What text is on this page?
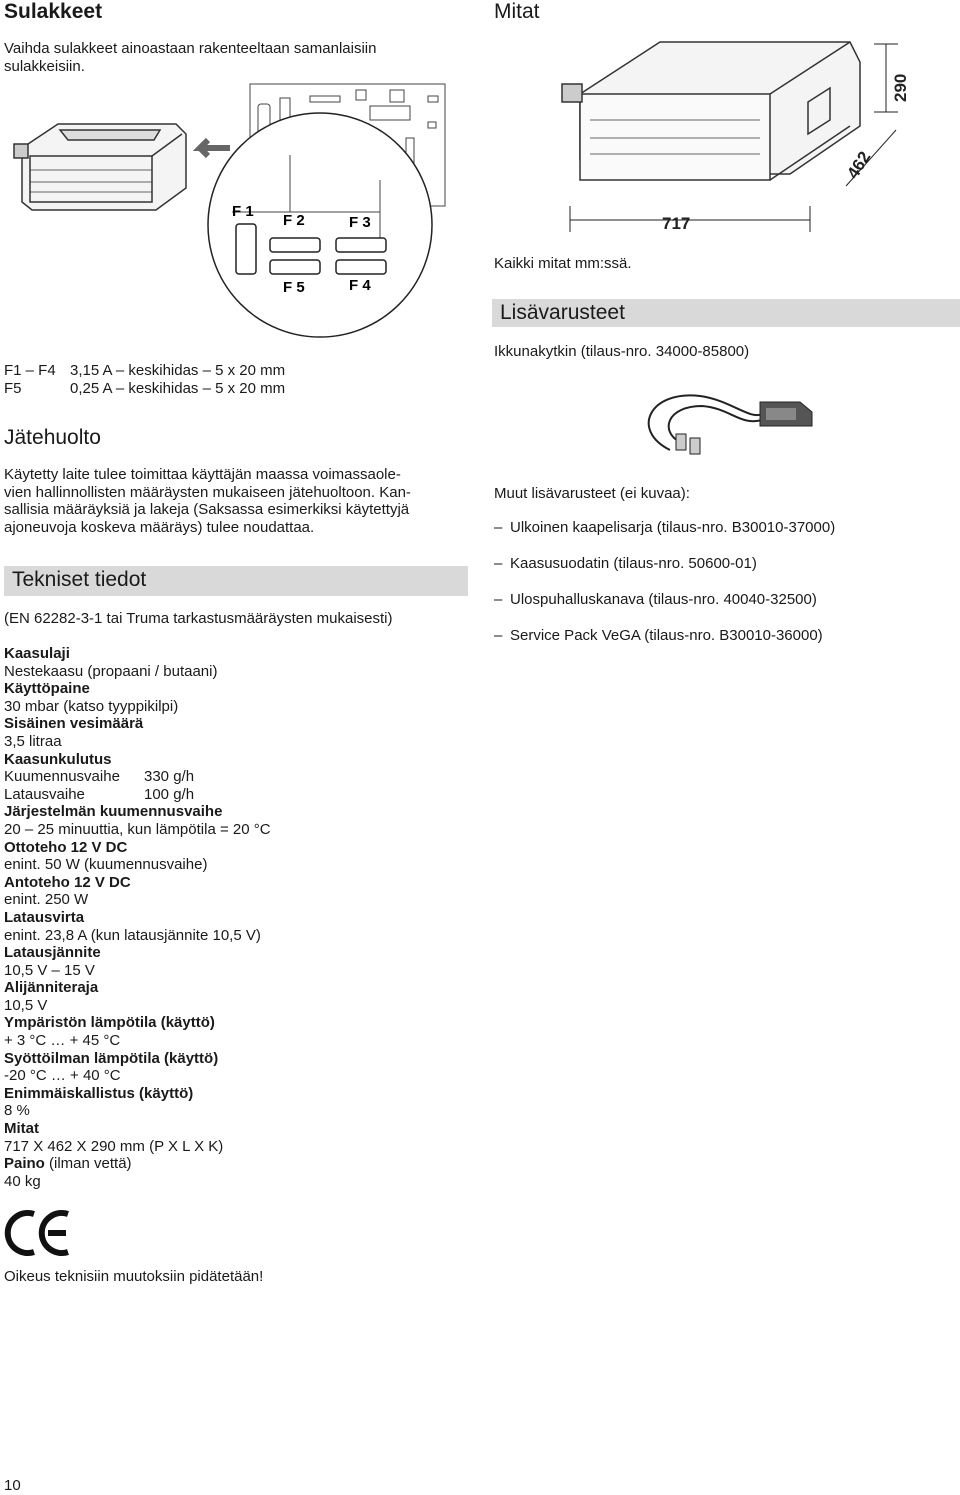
Sulakkeet
Vaihda sulakkeet ainoastaan rakenteeltaan samanlaisiin
sulakkeisiin.
F 1
F 2	F 3
F 4
F 5
F1 – F4 3,15 A – keskihidas – 5 x 20 mm
F5	0,25 A – keskihidas – 5 x 20 mm
Jätehuolto
Käytetty laite tulee toimittaa käyttäjän maassa voimassaole-
vien hallinnollisten määräysten mukaiseen jätehuoltoon. Kan-
sallisia määräyksiä ja lakeja (Saksassa esimerkiksi käytettyjä
ajoneuvoja koskeva määräys) tulee noudattaa.
Tekniset tiedot
(EN 62282-3-1 tai Truma tarkastusmääräysten mukaisesti)
Kaasulaji
Nestekaasu (propaani / butaani)
Käyttöpaine
30 mbar (katso tyyppikilpi)
Sisäinen vesimäärä
3,5 litraa
Kaasunkulutus
Kuumennusvaihe	330 g/h
Latausvaihe	100 g/h
Järjestelmän kuumennusvaihe
20 – 25 minuuttia, kun lämpötila = 20 °C
Ottoteho 12 V DC
enint. 50 W (kuumennusvaihe)
Antoteho 12 V DC
enint. 250 W
Latausvirta
enint. 23,8 A (kun latausjännite 10,5 V)
Latausjännite
10,5 V – 15 V
Alijänniteraja
10,5 V
Ympäristön lämpötila (käyttö)
+ 3 °C … + 45 °C
Syöttöilman lämpötila (käyttö)
-20 °C … + 40 °C
Enimmäiskallistus (käyttö)
8 %
Mitat
717 X 462 X 290 mm (P X L X K)
Paino (ilman vettä)
40 kg
Oikeus teknisiin muutoksiin pidätetään!
10
Mitat
717
290
462
Kaikki mitat mm:ssä.
Lisävarusteet
Ikkunakytkin (tilaus-nro. 34000-85800)
Muut lisävarusteet (ei kuvaa):
– Ulkoinen kaapelisarja (tilaus-nro. B30010-37000)
– Kaasusuodatin (tilaus-nro. 50600-01)
– Ulospuhalluskanava (tilaus-nro. 40040-32500)
– Service Pack VeGA (tilaus-nro. B30010-36000)
